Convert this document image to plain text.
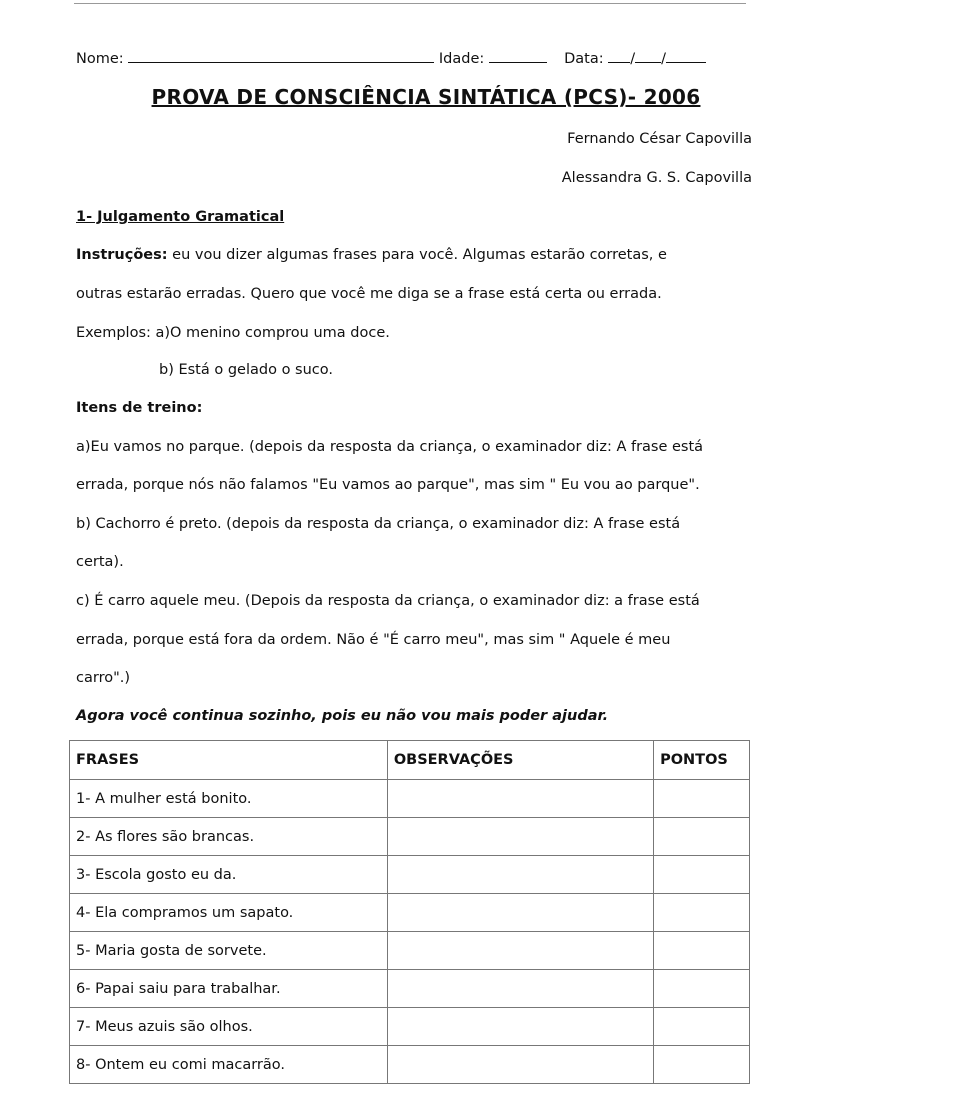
Nome:	Idade:	Data: / /
PROVA DE CONSCIÊNCIA SINTÁTICA (PCS)- 2006
Fernando César Capovilla
Alessandra G. S. Capovilla
1- Julgamento Gramatical
Instruções: eu vou dizer algumas frases para você. Algumas estarão corretas, e
outras estarão erradas. Quero que você me diga se a frase está certa ou errada.
Exemplos: a)O menino comprou uma doce.
b) Está o gelado o suco.
Itens de treino:
a)Eu vamos no parque. (depois da resposta da criança, o examinador diz: A frase está
errada, porque nós não falamos "Eu vamos ao parque", mas sim " Eu vou ao parque".
b) Cachorro é preto. (depois da resposta da criança, o examinador diz: A frase está
certa).
c) É carro aquele meu. (Depois da resposta da criança, o examinador diz: a frase está
errada, porque está fora da ordem. Não é "É carro meu", mas sim " Aquele é meu
carro".)
Agora você continua sozinho, pois eu não vou mais poder ajudar.
FRASES	OBSERVAÇÕES	PONTOS
1- A mulher está bonito.		
2- As flores são brancas.		
3- Escola gosto eu da.		
4- Ela compramos um sapato.		
5- Maria gosta de sorvete.		
6- Papai saiu para trabalhar.		
7- Meus azuis são olhos.		
8- Ontem eu comi macarrão.		
